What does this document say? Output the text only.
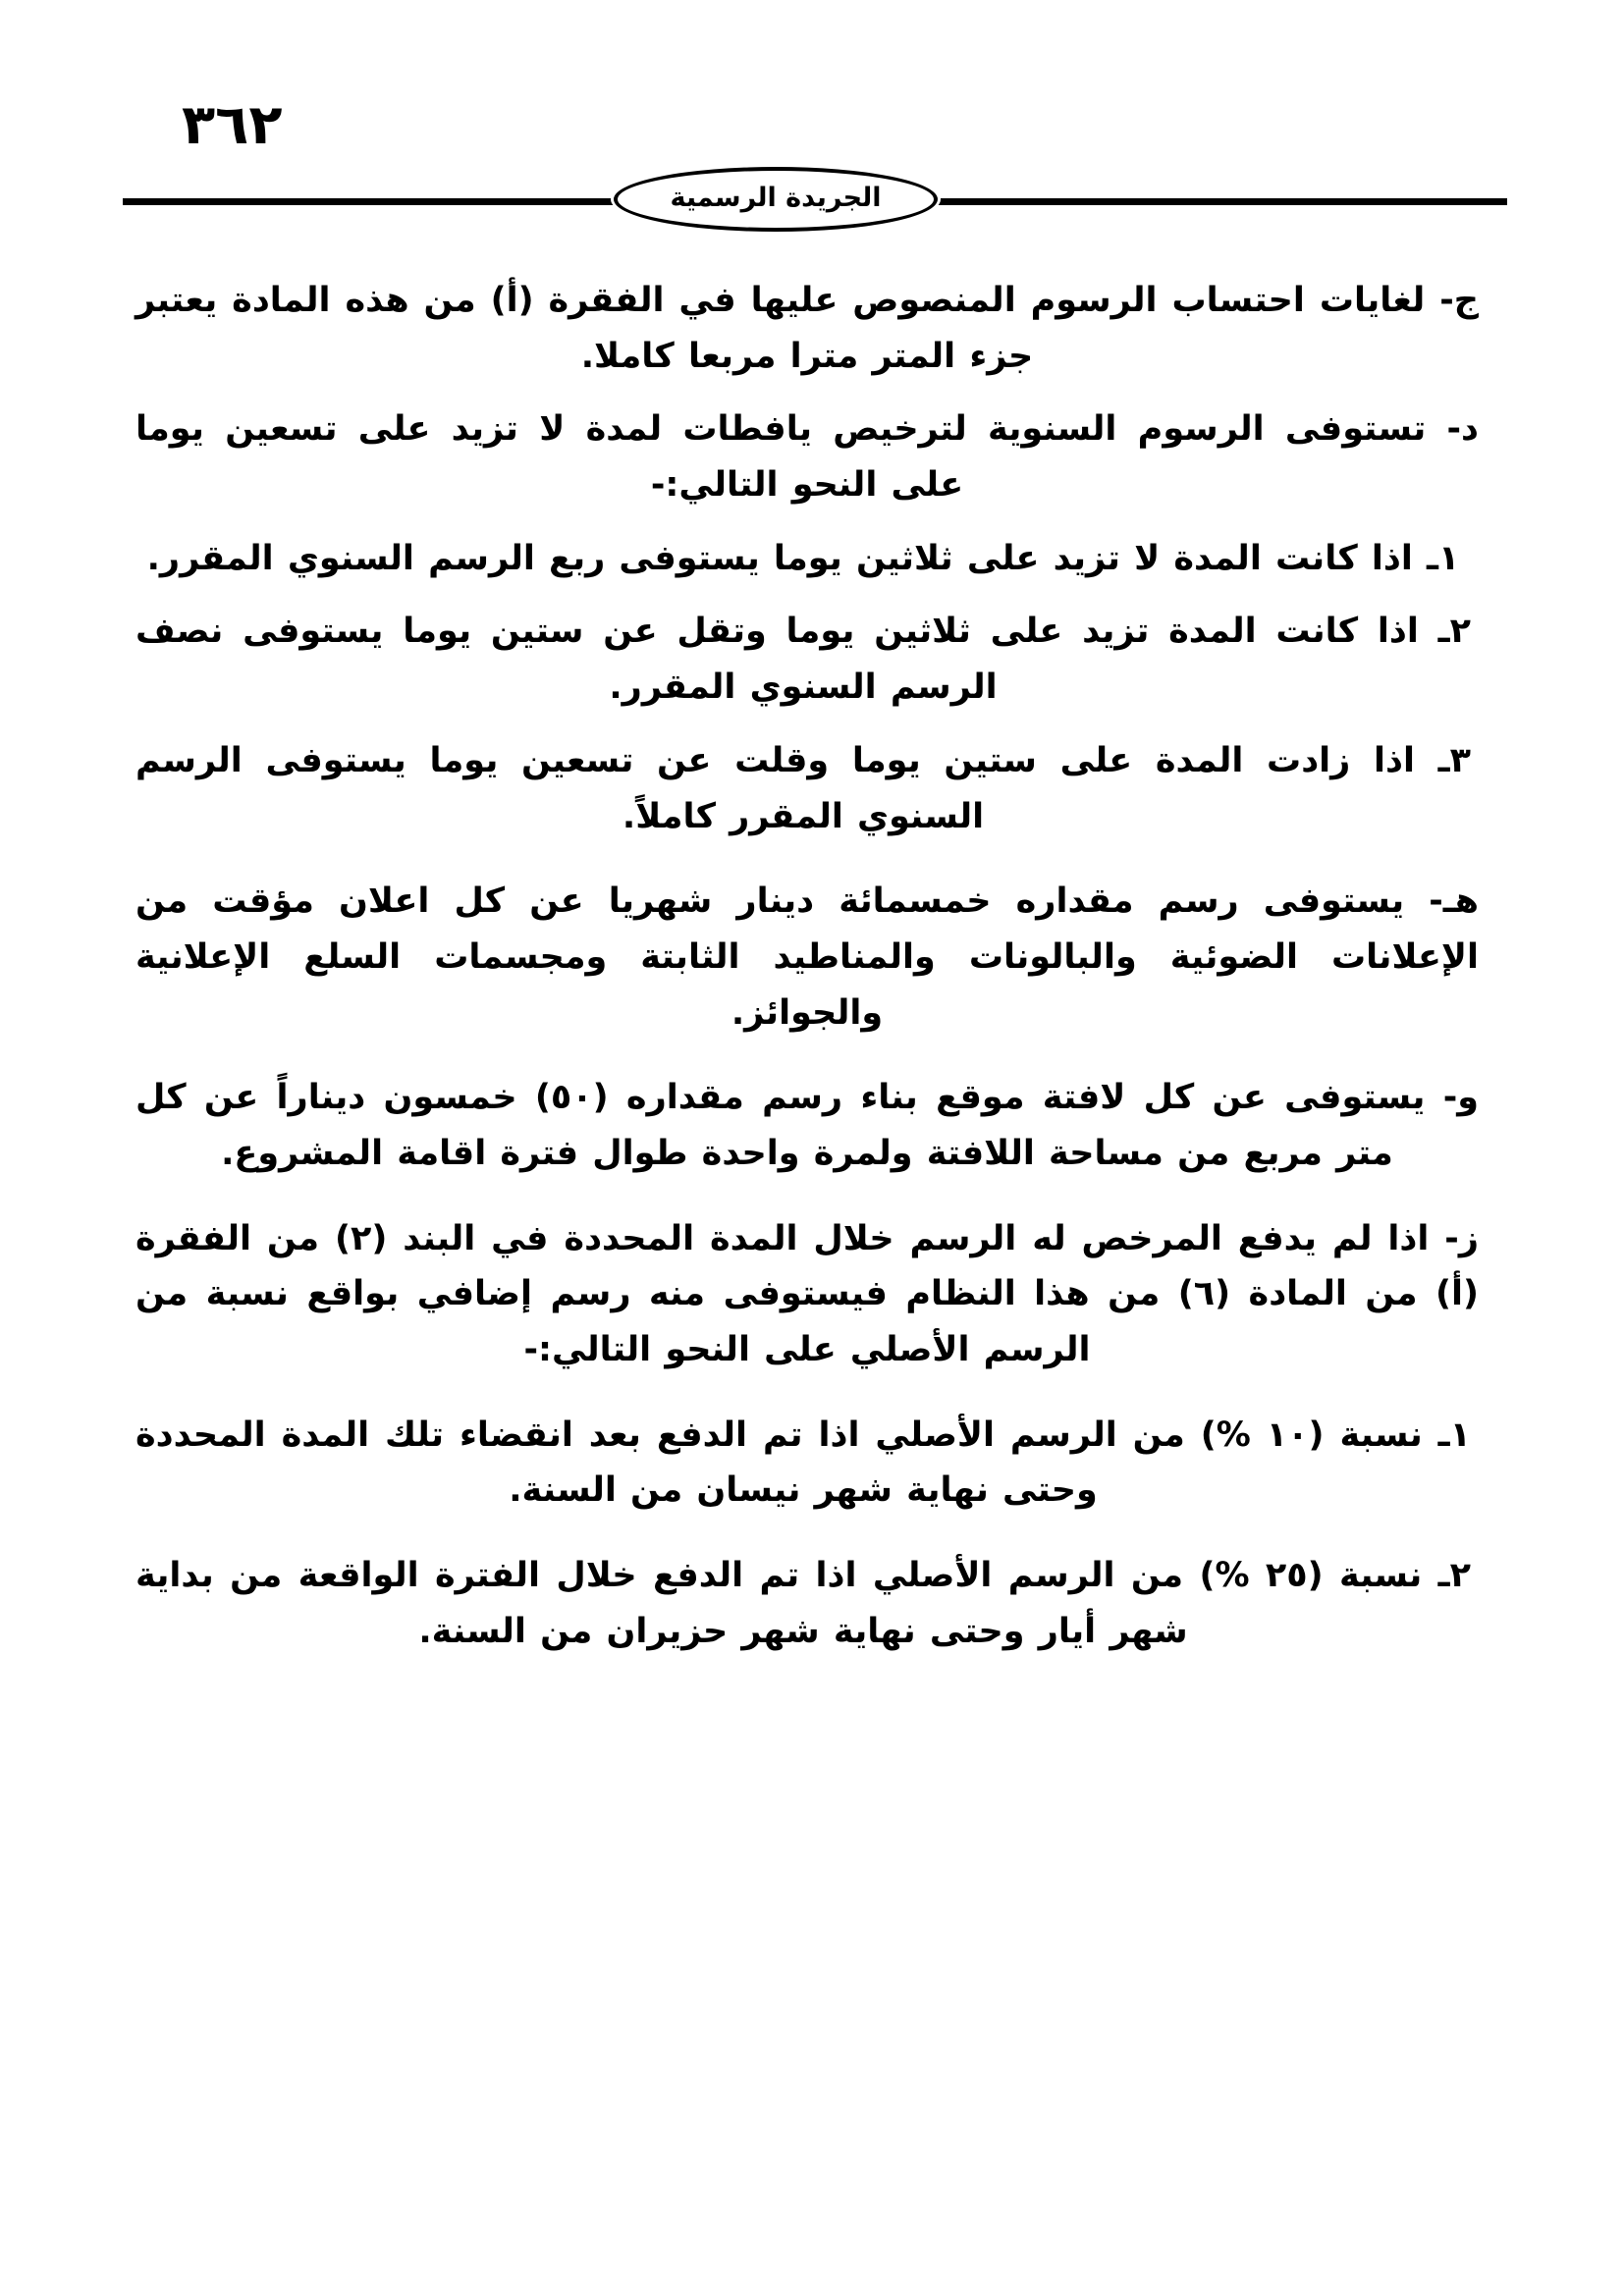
٣٦٢
الجريدة الرسمية

ج- لغايات احتساب الرسوم المنصوص عليها في الفقرة (أ) من هذه المادة يعتبر جزء المتر مترا مربعا كاملا.

د- تستوفى الرسوم السنوية لترخيص يافطات لمدة لا تزيد على تسعين يوما على النحو التالي:-

١ـ اذا كانت المدة لا تزيد على ثلاثين يوما يستوفى ربع الرسم السنوي المقرر.

٢ـ اذا كانت المدة تزيد على ثلاثين يوما وتقل عن ستين يوما يستوفى نصف الرسم السنوي المقرر.

٣ـ اذا زادت المدة على ستين يوما وقلت عن تسعين يوما يستوفى الرسم السنوي المقرر كاملاً.

هـ- يستوفى رسم مقداره خمسمائة دينار شهريا عن كل اعلان مؤقت من الإعلانات الضوئية والبالونات والمناطيد الثابتة ومجسمات السلع الإعلانية والجوائز.

و- يستوفى عن كل لافتة موقع بناء رسم مقداره (٥٠) خمسون ديناراً عن كل متر مربع من مساحة اللافتة ولمرة واحدة طوال فترة اقامة المشروع.

ز- اذا لم يدفع المرخص له الرسم خلال المدة المحددة في البند (٢) من الفقرة (أ) من المادة (٦) من هذا النظام فيستوفى منه رسم إضافي بواقع نسبة من الرسم الأصلي على النحو التالي:-

١ـ نسبة (١٠ %) من الرسم الأصلي اذا تم الدفع بعد انقضاء تلك المدة المحددة وحتى نهاية شهر نيسان من السنة.

٢ـ نسبة (٢٥ %) من الرسم الأصلي اذا تم الدفع خلال الفترة الواقعة من بداية شهر أيار وحتى نهاية شهر حزيران من السنة.
